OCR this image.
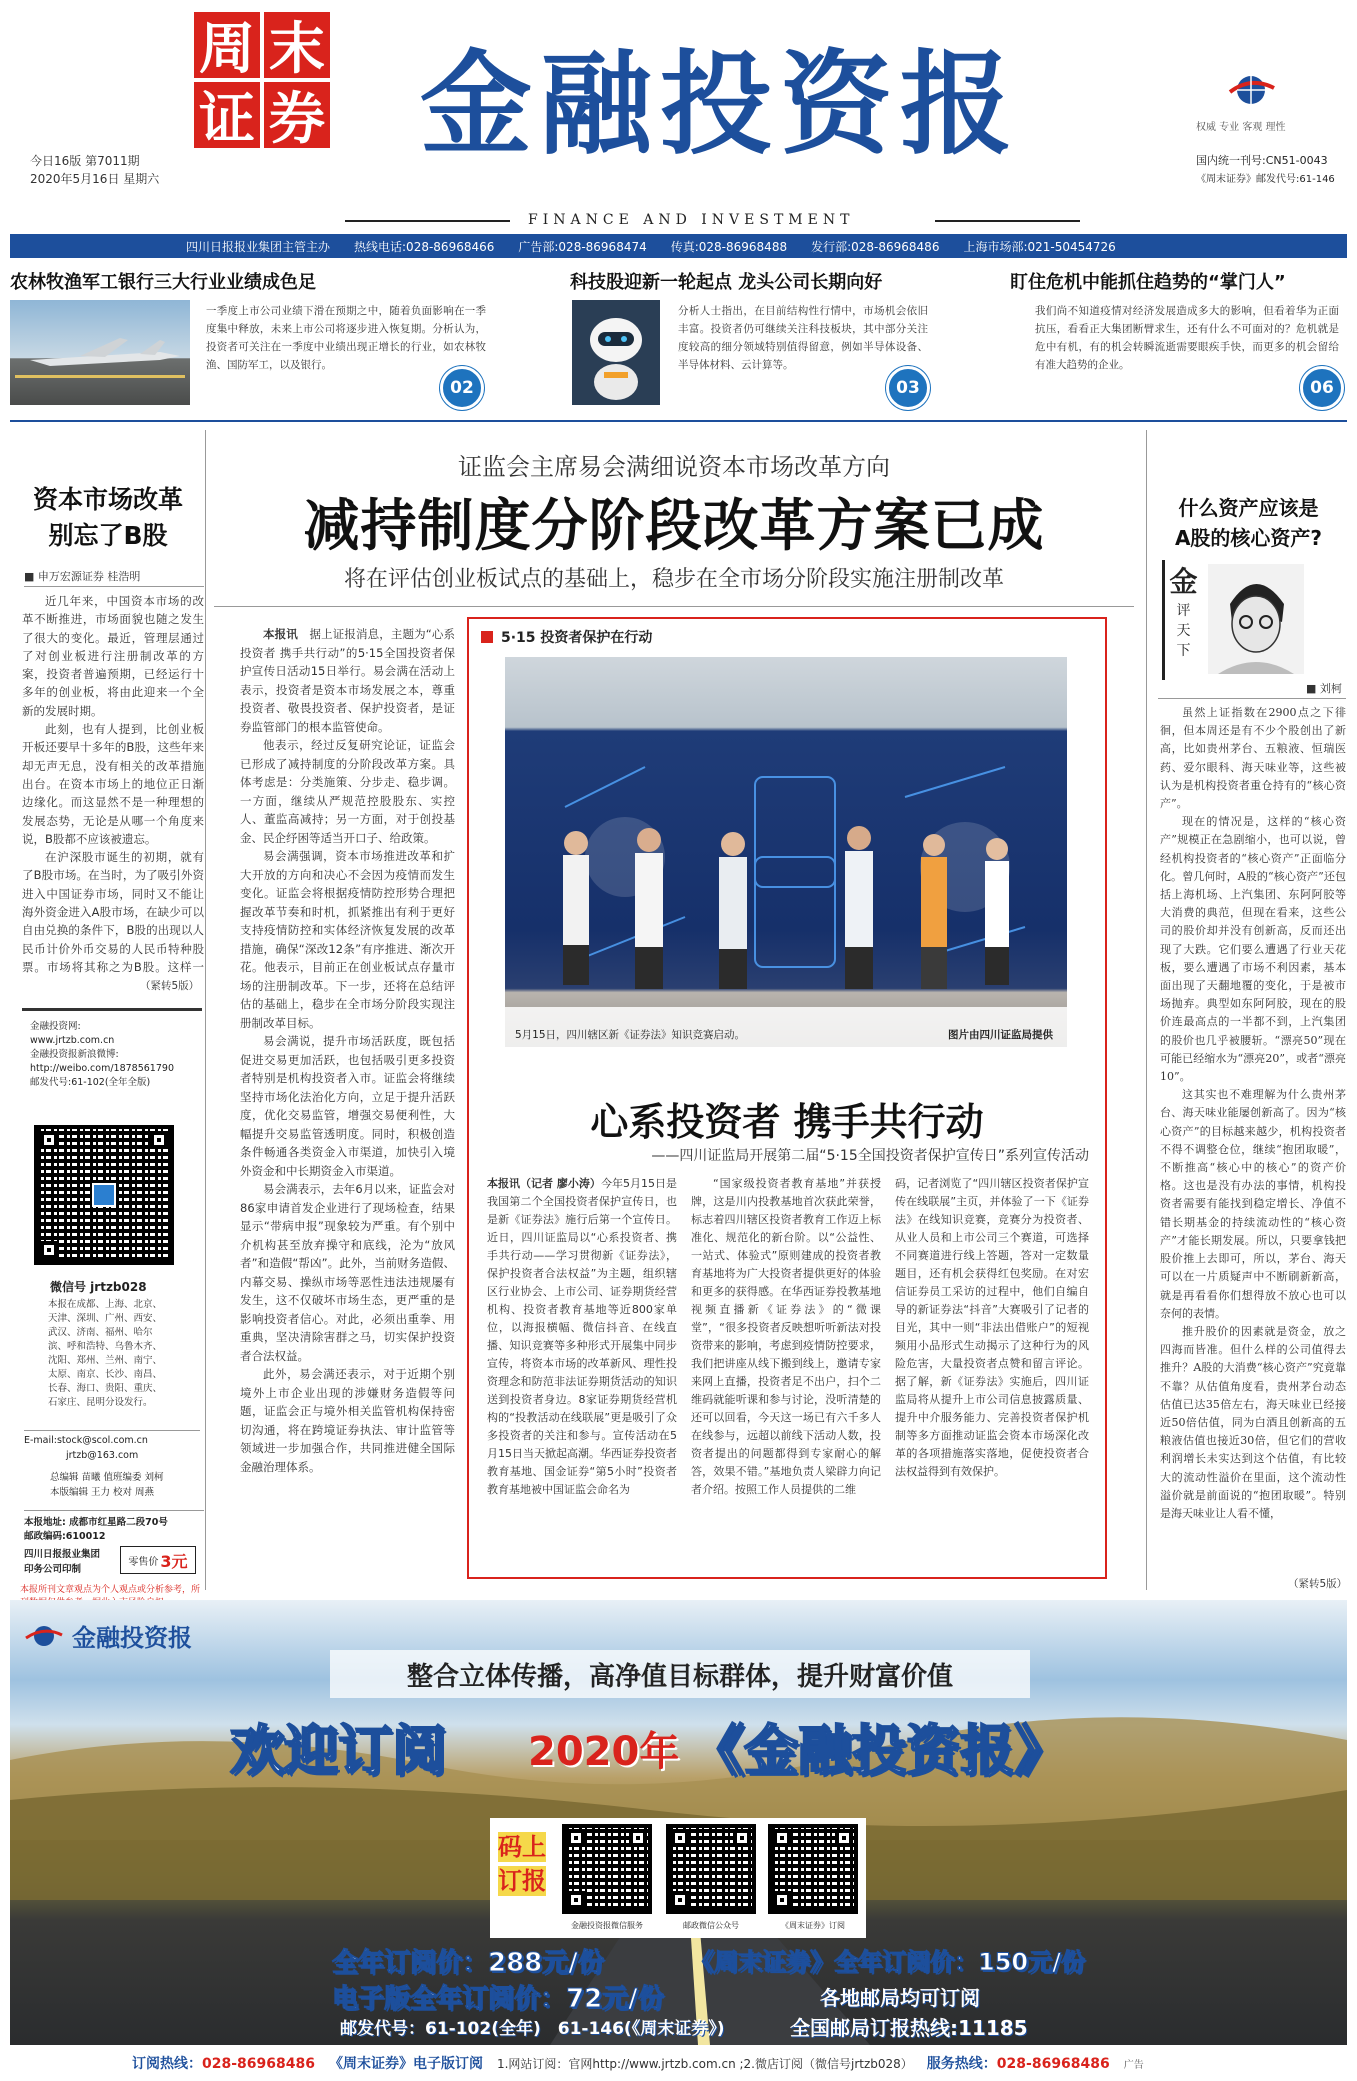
周 末
证 券
今日16版 第7011期
2020年5月16日 星期六
金融投资报
FINANCE AND INVESTMENT
权威 专业 客观 理性
国内统一刊号:CN51-0043
《周末证券》邮发代号:61-146
四川日报报业集团主管主办 热线电话:028-86968466 广告部:028-86968474 传真:028-86968488 发行部:028-86968486 上海市场部:021-50454726
农林牧渔军工银行三大行业业绩成色足
一季度上市公司业绩下滑在预期之中，随着负面影响在一季度集中释放，未来上市公司将逐步进入恢复期。分析认为，投资者可关注在一季度中业绩出现正增长的行业，如农林牧渔、国防军工，以及银行。
02
科技股迎新一轮起点 龙头公司长期向好
分析人士指出，在目前结构性行情中，市场机会依旧丰富。投资者仍可继续关注科技板块，其中部分关注度较高的细分领域特别值得留意，例如半导体设备、半导体材料、云计算等。
03
盯住危机中能抓住趋势的“掌门人”
我们尚不知道疫情对经济发展造成多大的影响，但看着华为正面抗压，看看正大集团断臂求生，还有什么不可面对的？危机就是危中有机，有的机会转瞬流逝需要眼疾手快，而更多的机会留给有准大趋势的企业。
06
资本市场改革
别忘了B股
■ 申万宏源证券 桂浩明

近几年来，中国资本市场的改革不断推进，市场面貌也随之发生了很大的变化。最近，管理层通过了对创业板进行注册制改革的方案，投资者普遍预期，已经运行十多年的创业板，将由此迎来一个全新的发展时期。

此刻，也有人提到，比创业板开板还要早十多年的B股，这些年来却无声无息，没有相关的改革措施出台。在资本市场上的地位正日渐边缘化。而这显然不是一种理想的发展态势，无论是从哪一个角度来说，B股都不应该被遗忘。

在沪深股市诞生的初期，就有了B股市场。在当时，为了吸引外资进入中国证券市场，同时又不能让海外资金进入A股市场，在缺少可以自由兑换的条件下，B股的出现以人民币计价外币交易的人民币特种股票。市场将其称之为B股。这样一

（紧转5版）
金融投资网:
www.jrtzb.com.cn
金融投资报新浪微博:
http://weibo.com/1878561790
邮发代号:61-102(全年全版)
微信号 jrtzb028
本报在成都、上海、北京、天津、深圳、广州、西安、武汉、济南、福州、哈尔滨、呼和浩特、乌鲁木齐、沈阳、郑州、兰州、南宁、太原、南京、长沙、南昌、长春、海口、贵阳、重庆、石家庄、昆明分设发行。
E-mail:stock@scol.com.cn
jrtzb@163.com
总编辑 苗曦 值班编委 刘柯
本版编辑 王力 校对 周燕
本报地址: 成都市红星路二段70号
邮政编码:610012
四川日报报业集团
印务公司印制
零售价 3元
本报所刊文章观点为个人观点或分析参考，所
证监会主席易会满细说资本市场改革方向
减持制度分阶段改革方案已成
将在评估创业板试点的基础上，稳步在全市场分阶段实施注册制改革

本报讯  据上证报消息，主题为“心系投资者 携手共行动”的5·15全国投资者保护宣传日活动15日举行。易会满在活动上表示，投资者是资本市场发展之本，尊重投资者、敬畏投资者、保护投资者，是证券监管部门的根本监管使命。

他表示，经过反复研究论证，证监会已形成了减持制度的分阶段改革方案。具体考虑是：分类施策、分步走、稳步调。一方面，继续从严规范控股股东、实控人、董监高减持；另一方面，对于创投基金、民企纾困等适当开口子、给政策。

易会满强调，资本市场推进改革和扩大开放的方向和决心不会因为疫情而发生变化。证监会将根据疫情防控形势合理把握改革节奏和时机，抓紧推出有利于更好支持疫情防控和实体经济恢复发展的改革措施，确保“深改12条”有序推进、渐次开花。他表示，目前正在创业板试点存量市场的注册制改革。下一步，还将在总结评估的基础上，稳步在全市场分阶段实现注册制改革目标。

易会满说，提升市场活跃度，既包括促进交易更加活跃，也包括吸引更多投资者特别是机构投资者入市。证监会将继续坚持市场化法治化方向，立足于提升活跃度，优化交易监管，增强交易便利性，大幅提升交易监管透明度。同时，积极创造条件畅通各类资金入市渠道，加快引入境外资金和中长期资金入市渠道。

易会满表示，去年6月以来，证监会对86家申请首发企业进行了现场检查，结果显示“带病申报”现象较为严重。有个别中介机构甚至放弃操守和底线，沦为“放风者”和造假“帮凶”。此外，当前财务造假、内幕交易、操纵市场等恶性违法违规屡有发生，这不仅破坏市场生态，更严重的是影响投资者信心。对此，必须出重拳、用重典，坚决清除害群之马，切实保护投资者合法权益。

此外，易会满还表示，对于近期个别境外上市企业出现的涉嫌财务造假等问题，证监会正与境外相关监管机构保持密切沟通，将在跨境证券执法、审计监管等领域进一步加强合作，共同推进健全国际金融治理体系。

5·15 投资者保护在行动
5月15日，四川辖区新《证券法》知识竞赛启动。	图片由四川证监局提供
心系投资者 携手共行动
——四川证监局开展第二届“5·15全国投资者保护宣传日”系列宣传活动
本报讯（记者 廖小涛）今年5月15日是我国第二个全国投资者保护宣传日，也是新《证券法》施行后第一个宣传日。近日，四川证监局以“心系投资者、携手共行动——学习贯彻新《证券法》，保护投资者合法权益”为主题，组织辖区行业协会、上市公司、证券期货经营机构、投资者教育基地等近800家单位，以海报横幅、微信抖音、在线直播、知识竞赛等多种形式开展集中同步宣传，将资本市场的改革新风、理性投资理念和防范非法证券期货活动的知识送到投资者身边。8家证券期货经营机构的“投教活动在线联展”更是吸引了众多投资者的关注和参与。宣传活动在5月15日当天掀起高潮。华西证券投资者教育基地、国金证券“第5小时”投资者教育基地被中国证监会命名为
“国家级投资者教育基地”并获授牌，这是川内投教基地首次获此荣誉，标志着四川辖区投资者教育工作迈上标准化、规范化的新台阶。以“公益性、一站式、体验式”原则建成的投资者教育基地将为广大投资者提供更好的体验和更多的获得感。在华西证券投教基地视频直播新《证券法》的“微课堂”，“很多投资者反映想听听新法对投资带来的影响，考虑到疫情防控要求，我们把讲座从线下搬到线上，邀请专家来网上直播，投资者足不出户，扫个二维码就能听课和参与讨论，没听清楚的还可以回看，今天这一场已有六千多人在线参与，远超以前线下活动人数，投资者提出的问题都得到专家耐心的解答，效果不错。”基地负责人梁辟力向记者介绍。按照工作人员提供的二维
码，记者浏览了“四川辖区投资者保护宣传在线联展”主页，并体验了一下《证券法》在线知识竞赛，竞赛分为投资者、从业人员和上市公司三个赛道，可选择不同赛道进行线上答题，答对一定数量题目，还有机会获得红包奖励。在对宏信证券员工采访的过程中，他们自编自导的新证券法“抖音”大赛吸引了记者的目光，其中一则“非法出借账户”的短视频用小品形式生动揭示了这种行为的风险危害，大量投资者点赞和留言评论。据了解，新《证券法》实施后，四川证监局将从提升上市公司信息披露质量、提升中介服务能力、完善投资者保护机制等多方面推动证监会资本市场深化改革的各项措施落实落地，促使投资者合法权益得到有效保护。
什么资产应该是
A股的核心资产?
金
评
天
下
■ 刘柯

虽然上证指数在2900点之下徘徊，但本周还是有不少个股创出了新高，比如贵州茅台、五粮液、恒瑞医药、爱尔眼科、海天味业等，这些被认为是机构投资者重仓持有的“核心资产”。

现在的情况是，这样的“核心资产”规模正在急剧缩小，也可以说，曾经机构投资者的“核心资产”正面临分化。曾几何时，A股的“核心资产”还包括上海机场、上汽集团、东阿阿胶等大消费的典范，但现在看来，这些公司的股价却并没有创新高，反而还出现了大跌。它们要么遭遇了行业天花板，要么遭遇了市场不利因素，基本面出现了天翻地覆的变化，于是被市场抛弃。典型如东阿阿胶，现在的股价连最高点的一半都不到，上汽集团的股价也几乎被腰斩。“漂亮50”现在可能已经缩水为“漂亮20”，或者“漂亮10”。

这其实也不难理解为什么贵州茅台、海天味业能屡创新高了。因为“核心资产”的目标越来越少，机构投资者不得不调整仓位，继续“抱团取暖”，不断推高“核心中的核心”的资产价格。这也是没有办法的事情，机构投资者需要有能找到稳定增长、净值不错长期基金的持续流动性的“核心资产”才能长期发展。所以，只要拿钱把股价推上去即可，所以，茅台、海天可以在一片质疑声中不断刷新新高，就是再看看你们想得放不放心也可以奈何的表情。

推升股价的因素就是资金，放之四海而皆准。但什么样的公司值得去推升？A股的大消费“核心资产”究竟靠不靠？从估值角度看，贵州茅台动态估值已达35倍左右，海天味业已经接近50倍估值，同为白酒且创新高的五粮液估值也接近30倍，但它们的营收利润增长未实达到这个估值，有比较大的流动性溢价在里面，这个流动性溢价就是前面说的“抱团取暖”。特别是海天味业让人看不懂，

（紧转5版）
金融投资报
整合立体传播，高净值目标群体，提升财富价值
欢迎订阅 2020年 《金融投资报》
码上
订报
金融投资报微信服务	邮政微信公众号	《周末证券》订阅
全年订阅价：288元/份	《周末证券》全年订阅价：150元/份
电子版全年订阅价：72元/份	各地邮局均可订阅
邮发代号：61-102(全年)　61-146(《周末证券》)	全国邮局订报热线:11185
订阅热线：028-86968486 《周末证券》电子版订阅 1.网站订阅：官网http://www.jrtzb.com.cn ;2.微店订阅（微信号jrtzb028） 服务热线：028-86968486 广告
